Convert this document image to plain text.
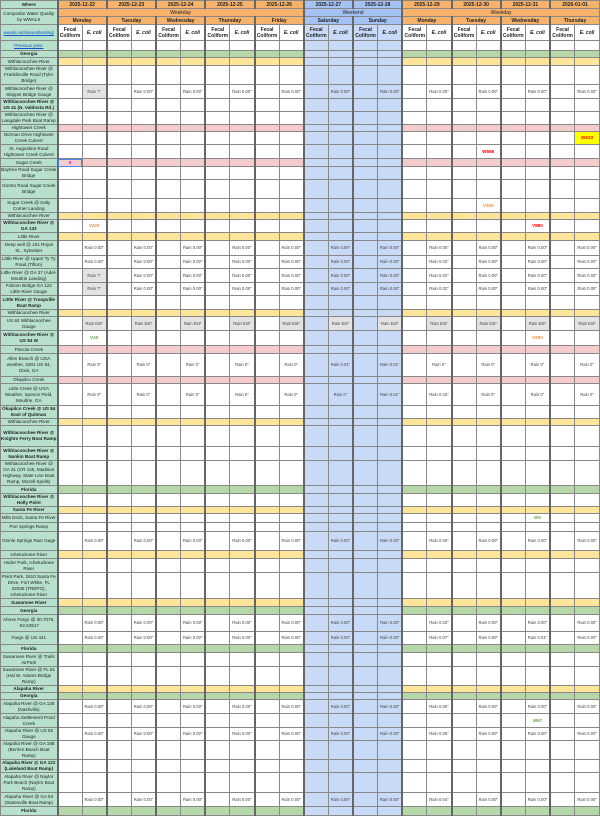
Where	2025-12-22		2025-12-23		2025-12-24		2025-12-25		2025-12-26		2025-12-27		2025-12-28		2025-12-29		2025-12-30		2025-12-31		2026-01-01	
Composite Water Quality by WWALS	Weekday										Weekend				Weekday							
	Monday		Tuesday		Wednesday		Thursday		Friday		Saturday		Sunday		Monday		Tuesday		Wednesday		Thursday	
wwals.net/issues/testing/	Fecal Coliform	E. coli	Fecal Coliform	E. coli	Fecal Coliform	E. coli	Fecal Coliform	E. coli	Fecal Coliform	E. coli	Fecal Coliform	E. coli	Fecal Coliform	E. coli	Fecal Coliform	E. coli	Fecal Coliform	E. coli	Fecal Coliform	E. coli	Fecal Coliform	E. coli
Previous year:																						
Georgia																						
Withlacoochee River																						
Withlacoochee River @ Franklinville Road (Tyler Bridge)																						
Withlacoochee River @ Skipper Bridge Gauge		Rain ?"		Rain 0.00"		Rain 0.00"		Rain 0.00"		Rain 0.00"		Rain 0.00"		Rain 0.00"		Rain 0.00"		Rain 0.00"		Rain 0.00"		Rain 0.00"
Withlacoochee River @ US 41 (N. Valdosta Rd.)																						
Withlacoochee River @ Langdale Park Boat Ramp																						
Hightower Creek																						
Norman Drive Hightower Creek Culvert																						W633
St. Augustine Road Hightower Creek Culvert																		W866				
Sugar Creek	9																					
Baytree Road Sugar Creek Bridge																						
Gornto Road Sugar Creek Bridge																						
Sugar Creek @ Salty Corner Landing																		V200				
Withlacoochee River																						
Withlacoochee River @ GA 133		V320																		V880		
Little River																						
Deep well @ 161 Royal St., Sylvester		Rain 0.00"		Rain 0.00"		Rain 0.00"		Rain 0.00"		Rain 0.00"		Rain 0.00"		Rain 0.00"		Rain 0.00"		Rain 0.00"		Rain 0.00"		Rain 0.00"
Little River @ Upper Ty Ty Road (Tifton)		Rain 0.00"		Rain 0.00"		Rain 0.00"		Rain 0.00"		Rain 0.00"		Rain 0.00"		Rain 0.00"		Rain 0.02"		Rain 0.00"		Rain 0.00"		Rain 0.00"
Little River @ GA 37 (Adel-Moultrie Landing)		Rain ?"		Rain 0.00"		Rain 0.00"		Rain 0.00"		Rain 0.00"		Rain 0.00"		Rain 0.00"		Rain 0.02"		Rain 0.00"		Rain 0.00"		Rain 0.00"
Folsom Bridge GA 122 Little River Gauge		Rain ?"		Rain 0.00"		Rain 0.00"		Rain 0.00"		Rain 0.00"		Rain 0.00"		Rain 0.00"		Rain 0.02"		Rain 0.00"		Rain 0.00"		Rain 0.00"
Little River @ Troupville Boat Ramp																						
Withlacoochee River																						
US 84 Withlacoochee Gauge		Rain Est*		Rain Est*		Rain Est*		Rain Est*		Rain Est*		Rain Est*		Rain Est*		Rain Est*		Rain Est*		Rain Est*		Rain Est*
Withlacoochee River @ US 84 W		V30																		V200		
Piscola Creek																						
Allen Branch @ UGA weather, 4281 US 84, Dixie, GA		Rain 0"		Rain 0"		Rain 0"		Rain 0"		Rain 0"		Rain 0.01"		Rain 0.01"		Rain 0"		Rain 0"		Rain 0"		Rain 0"
Okapilco Creek																						
Little Creek @ UGA Weather, Spence Field, Moultrie, GA		Rain 0"		Rain 0"		Rain 0"		Rain 0"		Rain 0"		Rain 0"		Rain 0.01"		Rain 0.03"		Rain 0"		Rain 0"		Rain 0"
Okapilco Creek @ US 84 East of Quitman																						
Withlacoochee River																						
Withlacoochee River @ Knights Ferry Boat Ramp																						
Withlacoochee River @ Nankin Boat Ramp																						
Withlacoochee River @ GA 31 (CR 145, Madison Highway, State Line Boat Ramp, Mozell Spells)																						
Florida																						
Withlacoochee River @ Holly Point																						
Santa Fe River																						
Mills Dock, Santa Fe River																				W0		
Poe Springs Ramp																						
Ginnie Springs Rain Gage		Rain 0.00"		Rain 0.00"		Rain 0.00"		Rain 0.00"		Rain 0.00"		Rain 0.00"		Rain 0.00"		Rain 0.05"		Rain 0.00"		Rain 0.00"		Rain 0.00"
Ichetucknee River																						
Hodor Park, Ichetucknee River																						
Point Park, 2610 Santa Fe Drive, Fort White, FL 32038 (TREPO), Ichetucknee River																						
Suwannee River																						
Georgia																						
Above Fargo @ 30.7075, -82.53917		Rain 0.00"		Rain 0.00"		Rain 0.00"		Rain 0.00"		Rain 0.00"		Rain 0.00"		Rain 0.00"		Rain 0.03"		Rain 0.00"		Rain 0.00"		Rain 0.00"
Fargo @ US 441		Rain 0.00"		Rain 0.00"		Rain 0.00"		Rain 0.00"		Rain 0.00"		Rain 0.00"		Rain 0.00"		Rain 0.07"		Rain 0.00"		Rain 0.01"		Rain 0.00"
Florida																						
Suwannee River @ Trails AirPark																						
Suwannee River @ FL 51 (Hal W. Adams Bridge Ramp)																						
Alapaha River																						
Georgia																						
Alapaha River @ GA 125 (Nashville)		Rain 0.00"		Rain 0.00"		Rain 0.00"		Rain 0.00"		Rain 0.00"		Rain 0.00"		Rain 0.00"		Rain 0.05"		Rain 0.00"		Rain 0.00"		Rain 0.00"
Alapaha Settlement Pond Creek																				W67		
Alapaha River @ US 82 Gauge		Rain 0.00"		Rain 0.00"		Rain 0.00"		Rain 0.00"		Rain 0.00"		Rain 0.00"		Rain 0.00"		Rain 0.06"		Rain 0.00"		Rain 0.00"		Rain 0.00"
Alapaha River @ GA 168 (Berrien Beach Boat Ramp)																						
Alapaha River @ GA 122 (Lakeland Boat Ramp)																						
Alapaha River @ Naylor Park Beach (Naylor Boat Ramp)																						
Alapaha River @ GA 94 (Statenville Boat Ramp)		Rain 0.00"		Rain 0.00"		Rain 0.00"		Rain 0.00"		Rain 0.00"		Rain 0.00"		Rain 0.00"		Rain 0.04"		Rain 0.00"		Rain 0.00"		Rain 0.00"
Florida																						
